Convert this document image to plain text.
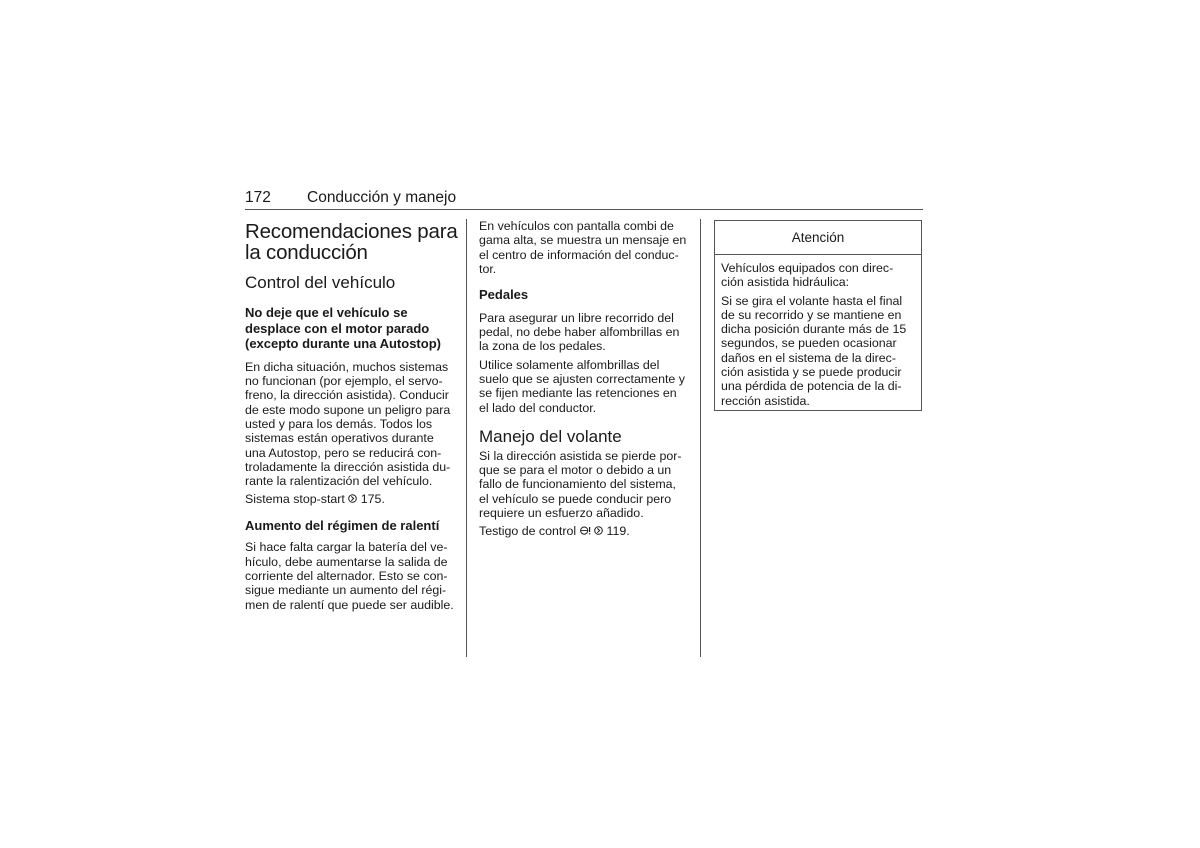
172 Conducción y manejo
Recomendaciones para
la conducción
Control del vehículo
No deje que el vehículo se
desplace con el motor parado
(excepto durante una Autostop)

En dicha situación, muchos sistemas
no funcionan (por ejemplo, el servo‐
freno, la dirección asistida). Conducir
de este modo supone un peligro para
usted y para los demás. Todos los
sistemas están operativos durante
una Autostop, pero se reducirá con‐
troladamente la dirección asistida du‐
rante la ralentización del vehículo.

Sistema stop-start 175.

Aumento del régimen de ralentí

Si hace falta cargar la batería del ve‐
hículo, debe aumentarse la salida de
corriente del alternador. Esto se con‐
sigue mediante un aumento del régi‐
men de ralentí que puede ser audible.

En vehículos con pantalla combi de
gama alta, se muestra un mensaje en
el centro de información del conduc‐
tor.

Pedales

Para asegurar un libre recorrido del
pedal, no debe haber alfombrillas en
la zona de los pedales.

Utilice solamente alfombrillas del
suelo que se ajusten correctamente y
se fijen mediante las retenciones en
el lado del conductor.

Manejo del volante

Si la dirección asistida se pierde por‐
que se para el motor o debido a un
fallo de funcionamiento del sistema,
el vehículo se puede conducir pero
requiere un esfuerzo añadido.

Testigo de control 119.

Atención

Vehículos equipados con direc‐
ción asistida hidráulica:

Si se gira el volante hasta el final
de su recorrido y se mantiene en
dicha posición durante más de 15
segundos, se pueden ocasionar
daños en el sistema de la direc‐
ción asistida y se puede producir
una pérdida de potencia de la di‐
rección asistida.
